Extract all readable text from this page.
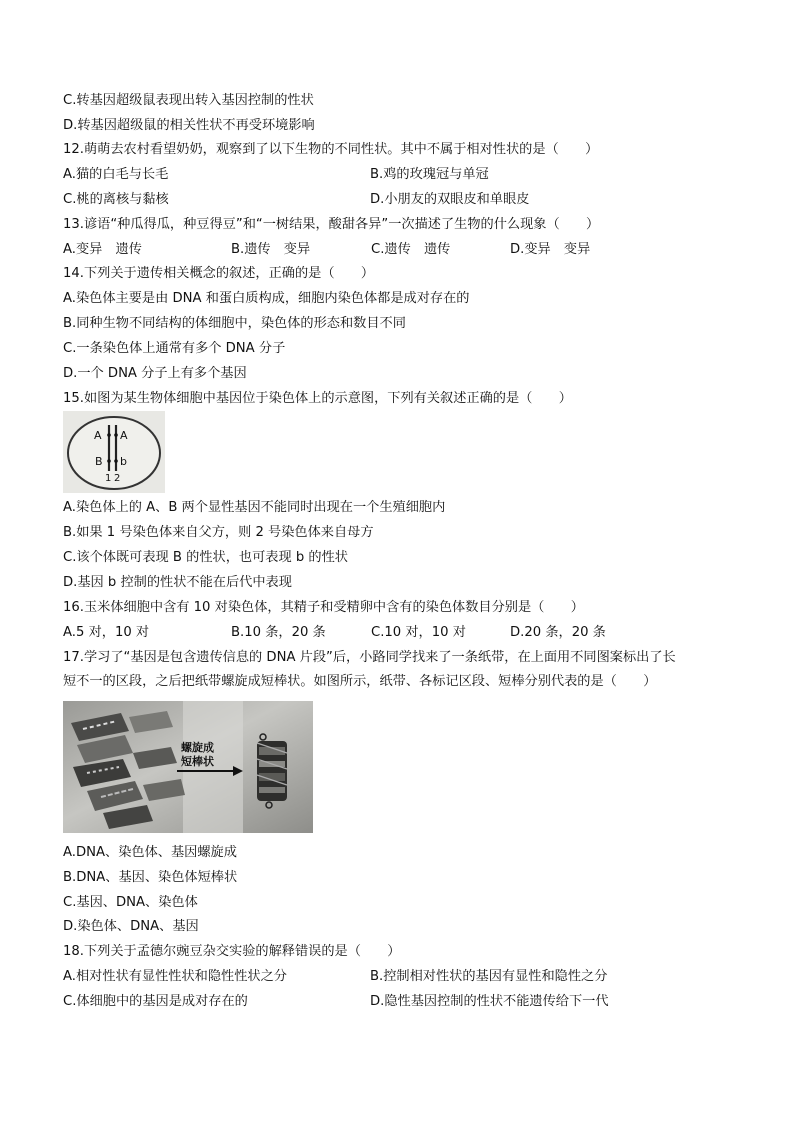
C.转基因超级鼠表现出转入基因控制的性状
D.转基因超级鼠的相关性状不再受环境影响
12.萌萌去农村看望奶奶，观察到了以下生物的不同性状。其中不属于相对性状的是（　　）
A.猫的白毛与长毛	B.鸡的玫瑰冠与单冠
C.桃的离核与黏核	D.小朋友的双眼皮和单眼皮
13.谚语“种瓜得瓜，种豆得豆”和“一树结果，酸甜各异”一次描述了生物的什么现象（　　）
A.变异　遗传	B.遗传　变异	C.遗传　遗传	D.变异　变异
14.下列关于遗传相关概念的叙述，正确的是（　　）
A.染色体主要是由 DNA 和蛋白质构成，细胞内染色体都是成对存在的
B.同种生物不同结构的体细胞中，染色体的形态和数目不同
C.一条染色体上通常有多个 DNA 分子
D.一个 DNA 分子上有多个基因
15.如图为某生物体细胞中基因位于染色体上的示意图，下列有关叙述正确的是（　　）
A A
B b
1 2
A.染色体上的 A、B 两个显性基因不能同时出现在一个生殖细胞内
B.如果 1 号染色体来自父方，则 2 号染色体来自母方
C.该个体既可表现 B 的性状，也可表现 b 的性状
D.基因 b 控制的性状不能在后代中表现
16.玉米体细胞中含有 10 对染色体，其精子和受精卵中含有的染色体数目分别是（　　）
A.5 对，10 对	B.10 条，20 条	C.10 对，10 对	D.20 条，20 条
17.学习了“基因是包含遗传信息的 DNA 片段”后，小路同学找来了一条纸带，在上面用不同图案标出了长
短不一的区段，之后把纸带螺旋成短棒状。如图所示，纸带、各标记区段、短棒分别代表的是（　　）
螺旋成
短棒状
A.DNA、染色体、基因螺旋成
B.DNA、基因、染色体短棒状
C.基因、DNA、染色体
D.染色体、DNA、基因
18.下列关于孟德尔豌豆杂交实验的解释错误的是（　　）
A.相对性状有显性性状和隐性性状之分	B.控制相对性状的基因有显性和隐性之分
C.体细胞中的基因是成对存在的	D.隐性基因控制的性状不能遗传给下一代
